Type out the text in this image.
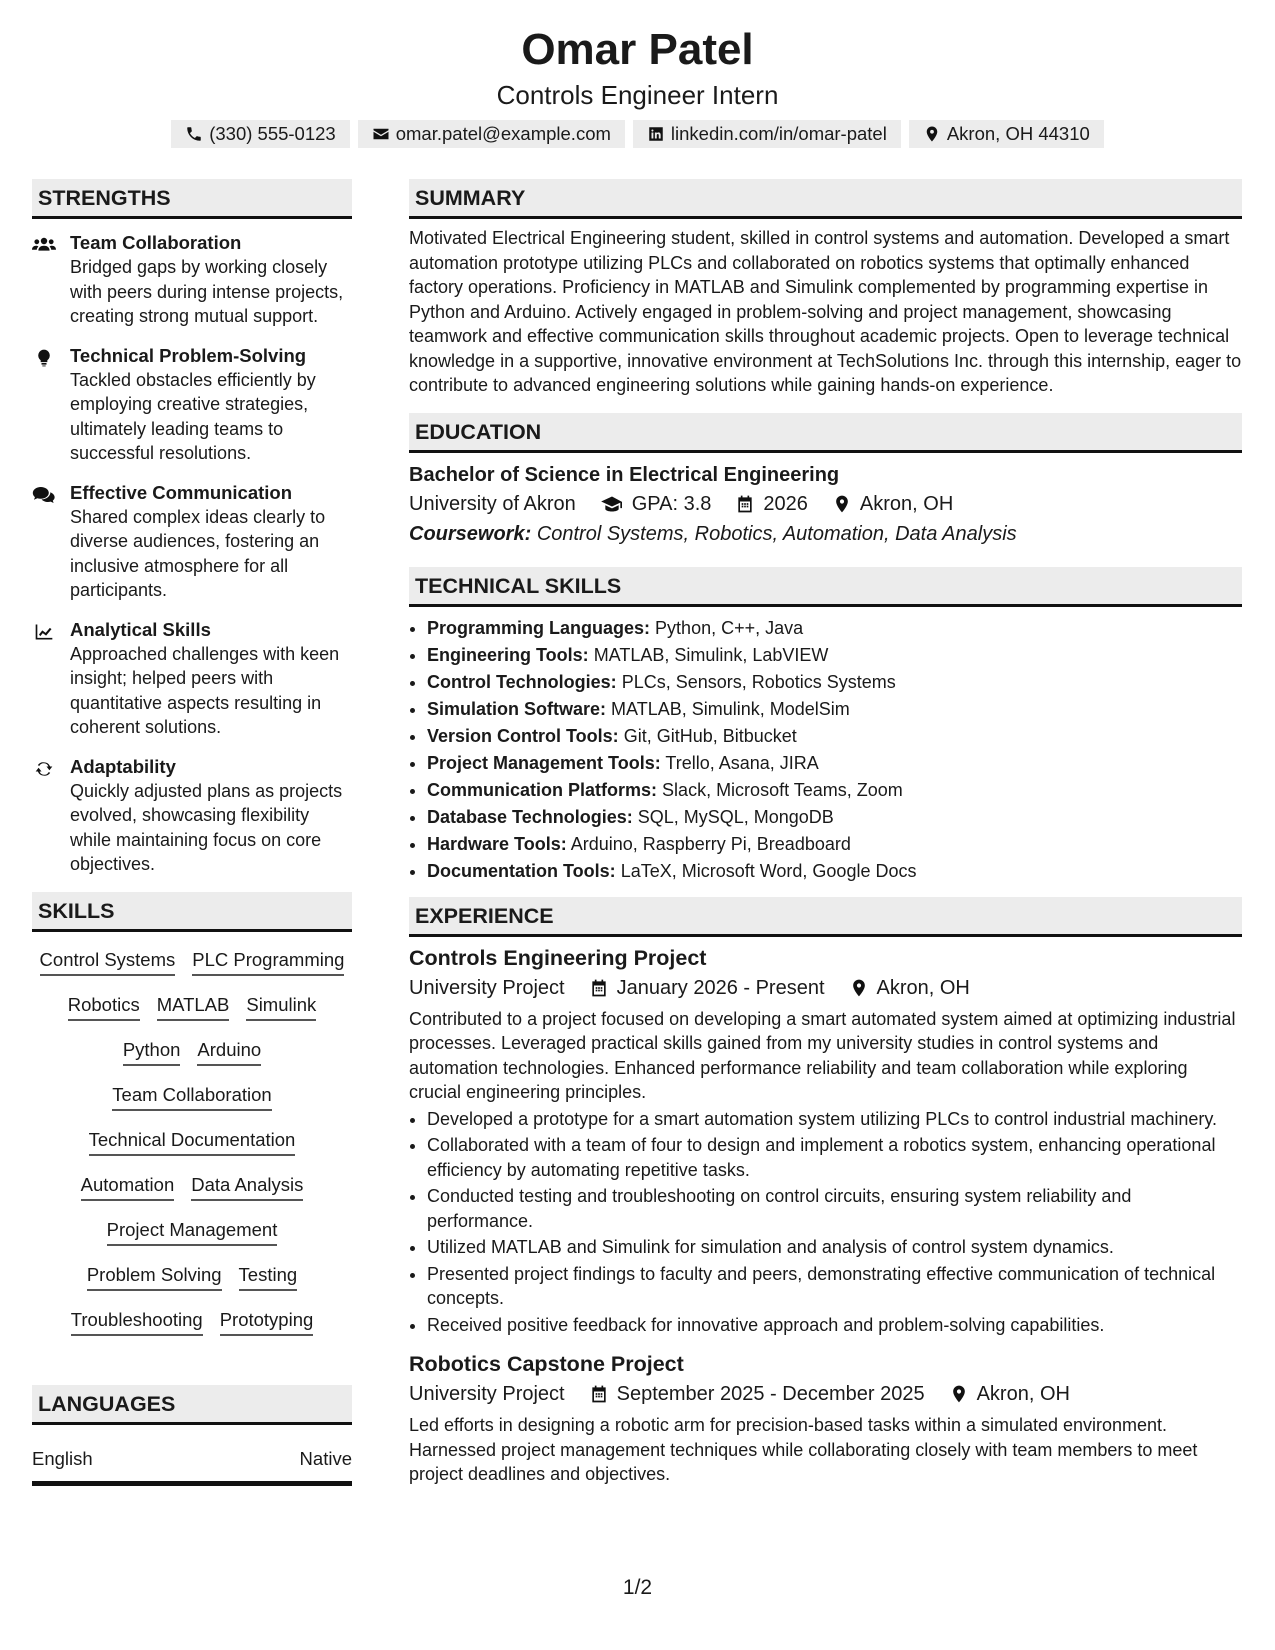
Omar Patel
Controls Engineer Intern
(330) 555-0123	omar.patel@example.com	linkedin.com/in/omar-patel	Akron, OH 44310
STRENGTHS
Team Collaboration
Bridged gaps by working closely with peers during intense projects, creating strong mutual support.
Technical Problem-Solving
Tackled obstacles efficiently by employing creative strategies, ultimately leading teams to successful resolutions.
Effective Communication
Shared complex ideas clearly to diverse audiences, fostering an inclusive atmosphere for all participants.
Analytical Skills
Approached challenges with keen insight; helped peers with quantitative aspects resulting in coherent solutions.
Adaptability
Quickly adjusted plans as projects evolved, showcasing flexibility while maintaining focus on core objectives.
SKILLS
Control Systems PLC Programming
Robotics MATLAB Simulink
Python Arduino
Team Collaboration
Technical Documentation
Automation Data Analysis
Project Management
Problem Solving Testing
Troubleshooting Prototyping
LANGUAGES
English	Native
SUMMARY
Motivated Electrical Engineering student, skilled in control systems and automation. Developed a smart automation prototype utilizing PLCs and collaborated on robotics systems that optimally enhanced factory operations. Proficiency in MATLAB and Simulink complemented by programming expertise in Python and Arduino. Actively engaged in problem-solving and project management, showcasing teamwork and effective communication skills throughout academic projects. Open to leverage technical knowledge in a supportive, innovative environment at TechSolutions Inc. through this internship, eager to contribute to advanced engineering solutions while gaining hands-on experience.
EDUCATION
Bachelor of Science in Electrical Engineering
University of Akron	GPA: 3.8	2026	Akron, OH
Coursework: Control Systems, Robotics, Automation, Data Analysis
TECHNICAL SKILLS
• Programming Languages: Python, C++, Java
• Engineering Tools: MATLAB, Simulink, LabVIEW
• Control Technologies: PLCs, Sensors, Robotics Systems
• Simulation Software: MATLAB, Simulink, ModelSim
• Version Control Tools: Git, GitHub, Bitbucket
• Project Management Tools: Trello, Asana, JIRA
• Communication Platforms: Slack, Microsoft Teams, Zoom
• Database Technologies: SQL, MySQL, MongoDB
• Hardware Tools: Arduino, Raspberry Pi, Breadboard
• Documentation Tools: LaTeX, Microsoft Word, Google Docs
EXPERIENCE
Controls Engineering Project
University Project	January 2026 - Present	Akron, OH
Contributed to a project focused on developing a smart automated system aimed at optimizing industrial processes. Leveraged practical skills gained from my university studies in control systems and automation technologies. Enhanced performance reliability and team collaboration while exploring crucial engineering principles.
• Developed a prototype for a smart automation system utilizing PLCs to control industrial machinery.
• Collaborated with a team of four to design and implement a robotics system, enhancing operational efficiency by automating repetitive tasks.
• Conducted testing and troubleshooting on control circuits, ensuring system reliability and performance.
• Utilized MATLAB and Simulink for simulation and analysis of control system dynamics.
• Presented project findings to faculty and peers, demonstrating effective communication of technical concepts.
• Received positive feedback for innovative approach and problem-solving capabilities.
Robotics Capstone Project
University Project	September 2025 - December 2025	Akron, OH
Led efforts in designing a robotic arm for precision-based tasks within a simulated environment. Harnessed project management techniques while collaborating closely with team members to meet project deadlines and objectives.
1/2
